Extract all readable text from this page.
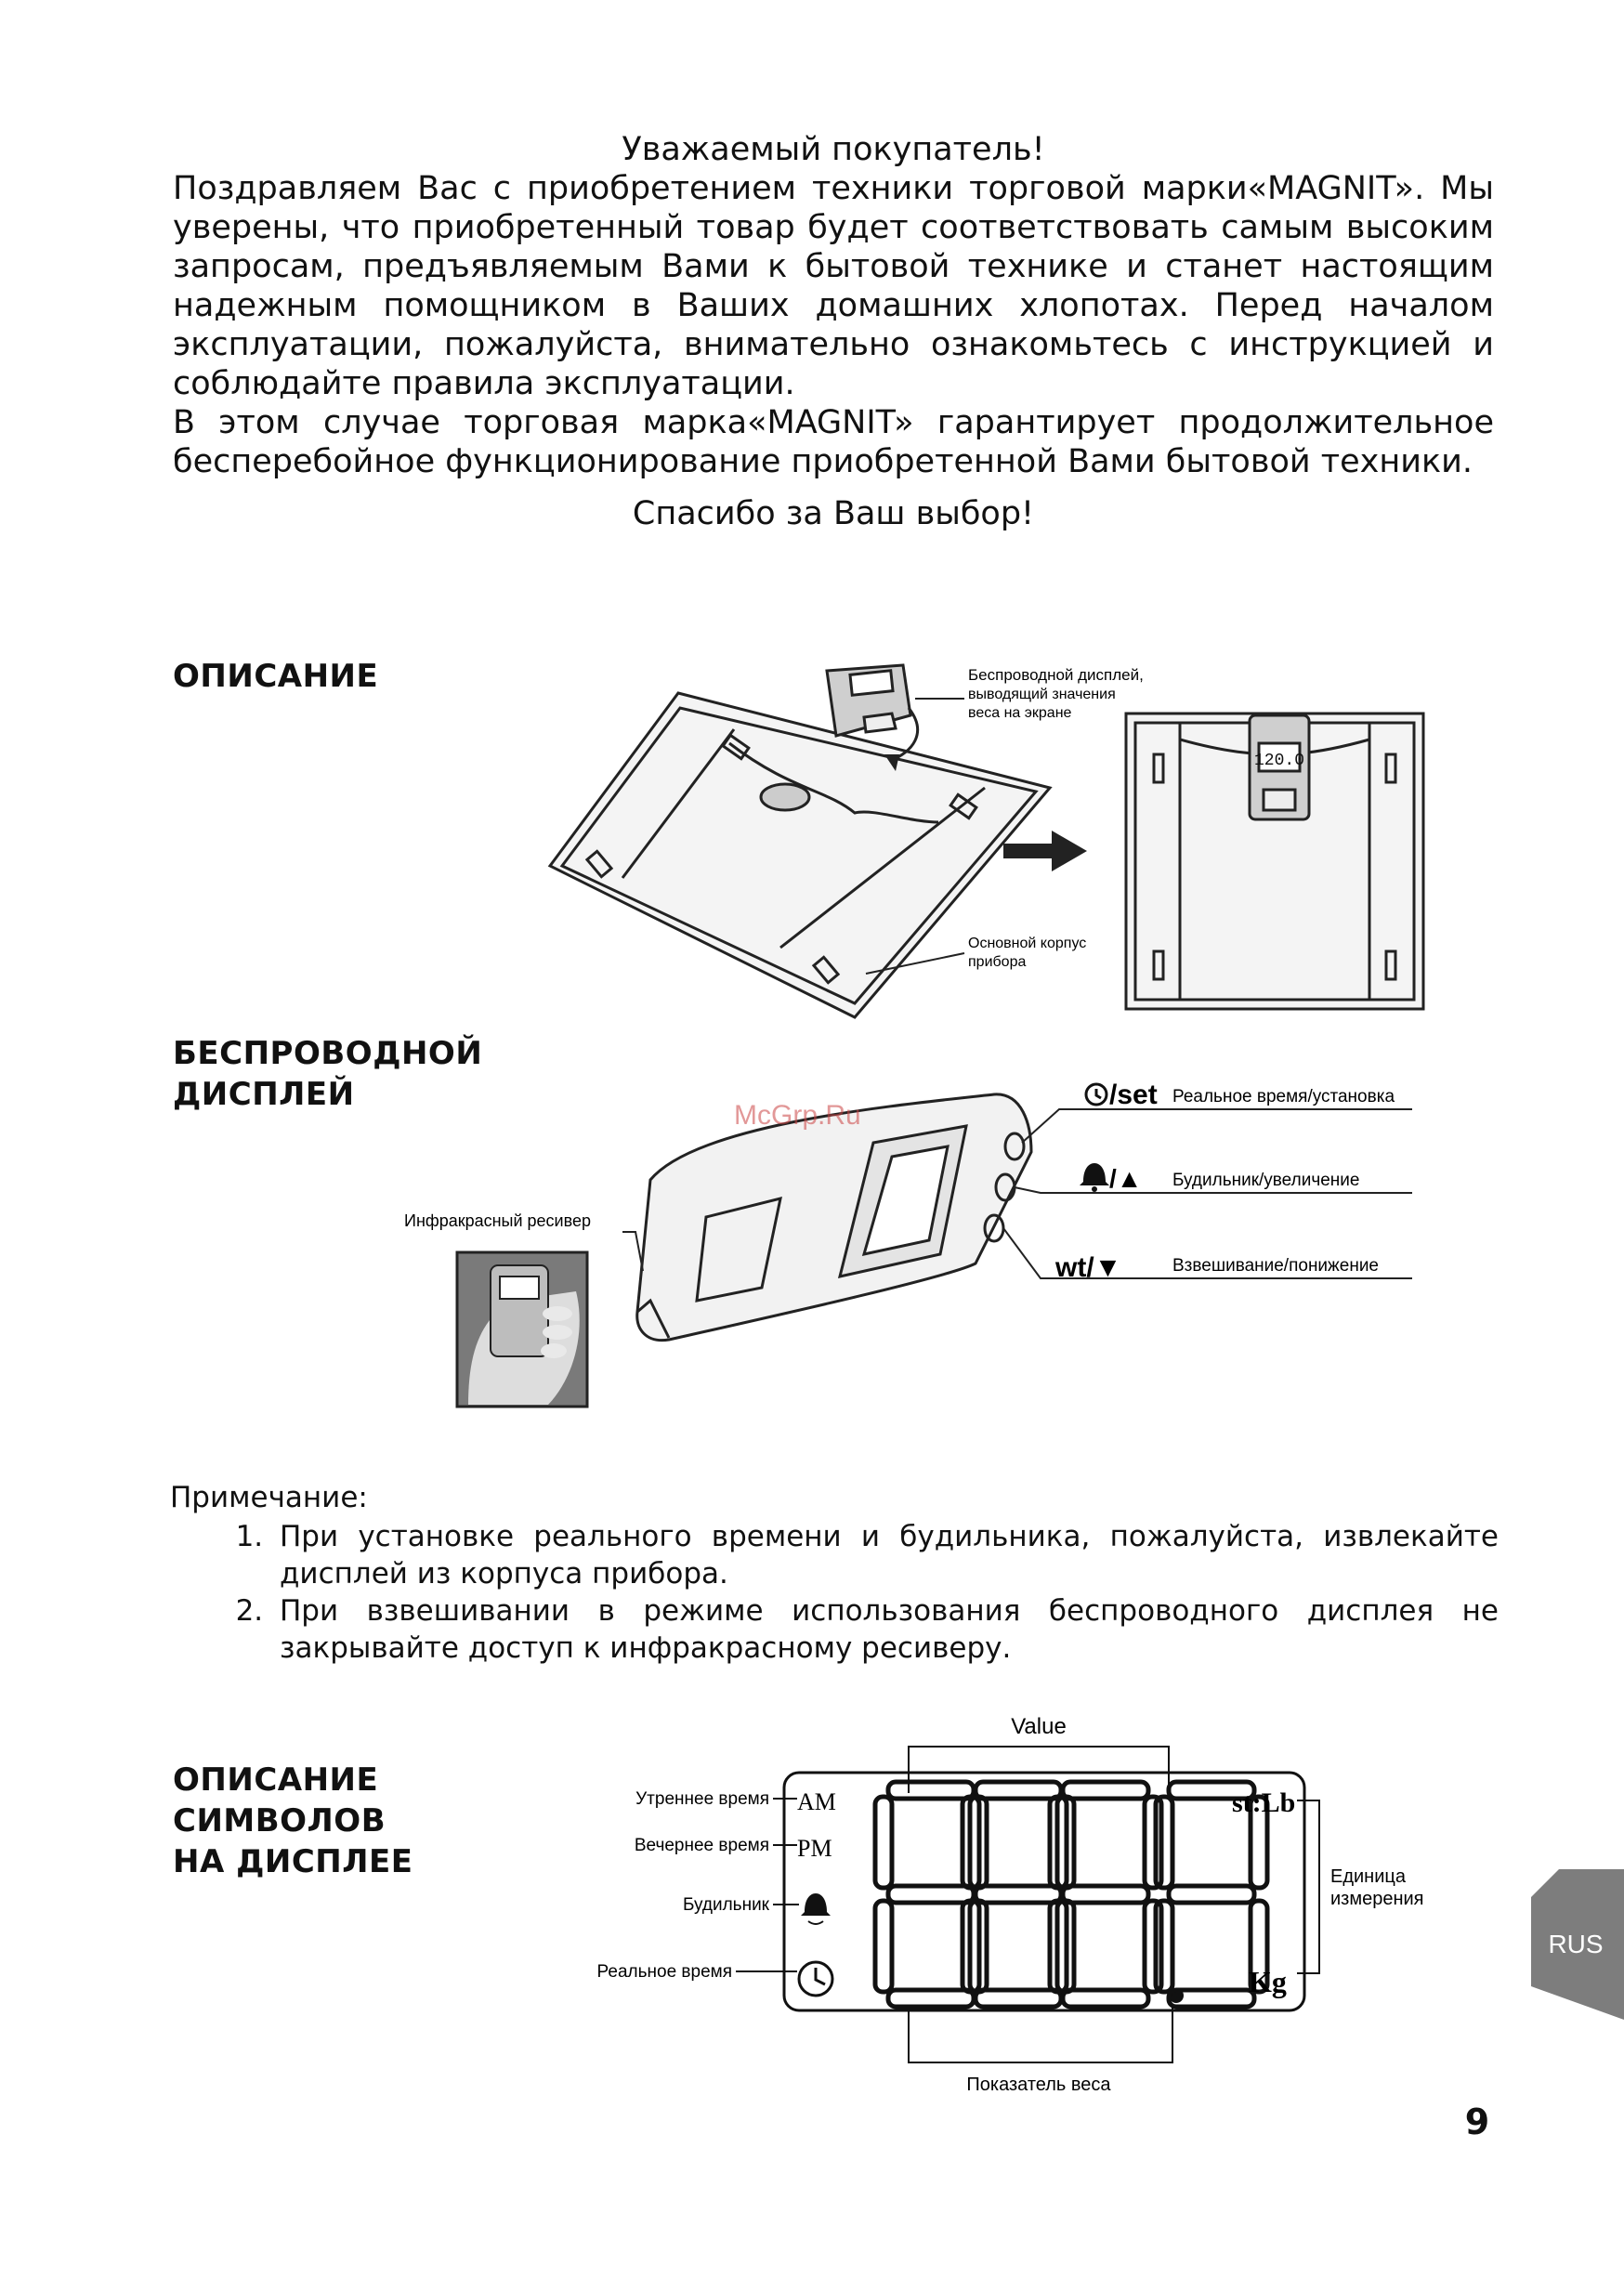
Уважаемый покупатель!

Поздравляем Вас с приобретением техники торговой марки«MAGNIT». Мы уверены, что приобретенный товар будет соответствовать самым высоким запросам, предъявляемым Вами к бытовой технике и станет настоящим надежным помощником в Ваших домашних хлопотах. Перед началом эксплуатации, пожалуйста, внимательно ознакомьтесь с инструкцией и соблюдайте правила эксплуатации.

В этом случае торговая марка«MAGNIT» гарантирует продолжительное бесперебойное функционирование приобретенной Вами бытовой техники.

Спасибо за Ваш выбор!
ОПИСАНИЕ	Беспроводной дисплей,
выводящий значения
веса на экране
120.0
Основной корпус
прибора
БЕСПРОВОДНОЙ
ДИСПЛЕЙ
McGrp.Ru
Инфракрасный ресивер
/set Реальное время/установка
/▲ Будильник/увеличение
wt/▼	Взвешивание/понижение
Примечание:
1. При установке реального времени и будильника, пожалуйста, извлекайте дисплей из корпуса прибора.
2. При взвешивании в режиме использования беспроводного дисплея не закрывайте доступ к инфракрасному ресиверу.
ОПИСАНИЕ
СИМВОЛОВ
НА ДИСПЛЕЕ
Value
Показатель веса
AM
PM
Утреннее время
Вечернее время
Будильник
Реальное время
st:Lb
Kg
Единица
измерения
RUS
9
